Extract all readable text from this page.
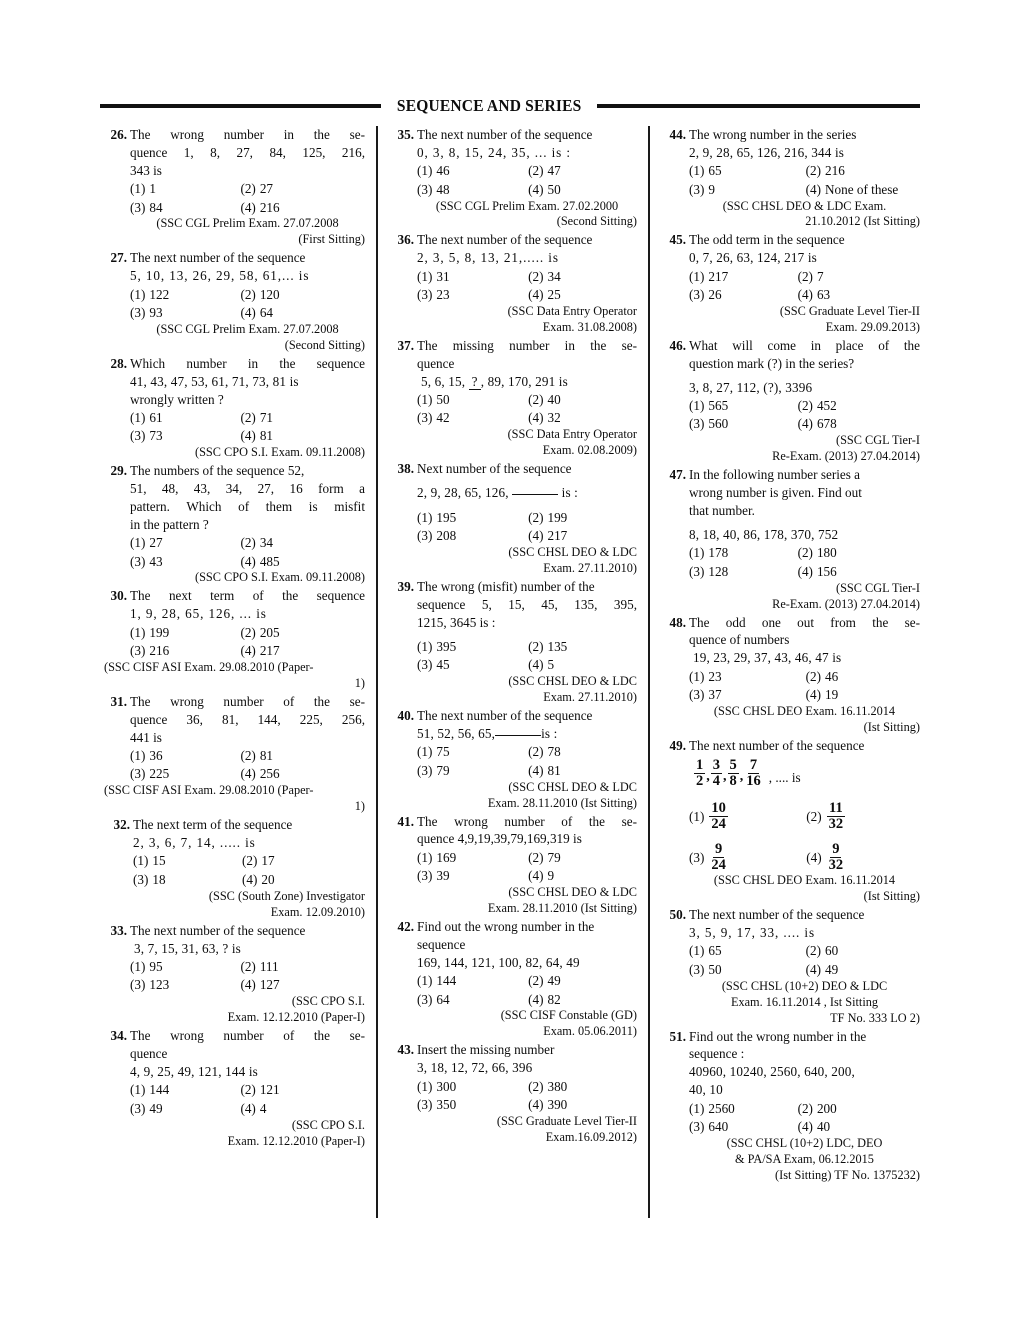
SEQUENCE AND SERIES
26. The wrong number in the se-
quence 1, 8, 27, 84, 125, 216,
343 is
(1) 1	(2) 27
(3) 84	(4) 216
(SSC CGL Prelim Exam. 27.07.2008
(First Sitting)
27. The next number of the sequence
5, 10, 13, 26, 29, 58, 61,... is
(1) 122	(2) 120
(3) 93	(4) 64
(SSC CGL Prelim Exam. 27.07.2008
(Second Sitting)
28. Which number in the sequence
41, 43, 47, 53, 61, 71, 73, 81 is
wrongly written ?
(1) 61	(2) 71
(3) 73	(4) 81
(SSC CPO S.I. Exam. 09.11.2008)
29. The numbers of the sequence 52,
51, 48, 43, 34, 27, 16 form a
pattern. Which of them is misfit
in the pattern ?
(1) 27	(2) 34
(3) 43	(4) 485
(SSC CPO S.I. Exam. 09.11.2008)
30. The next term of the sequence
1, 9, 28, 65, 126, ... is
(1) 199	(2) 205
(3) 216	(4) 217
(SSC CISF ASI Exam. 29.08.2010 (Paper-
1)
31. The wrong number of the se-
quence 36, 81, 144, 225, 256,
441 is
(1) 36	(2) 81
(3) 225	(4) 256
(SSC CISF ASI Exam. 29.08.2010 (Paper-
1)
32. The next term of the sequence
2, 3, 6, 7, 14, ..... is
(1) 15	(2) 17
(3) 18	(4) 20
(SSC (South Zone) Investigator
Exam. 12.09.2010)
33. The next number of the sequence
3, 7, 15, 31, 63, ? is
(1) 95	(2) 111
(3) 123	(4) 127
(SSC CPO S.I.
Exam. 12.12.2010 (Paper-I)
34. The wrong number of the se-
quence
4, 9, 25, 49, 121, 144 is
(1) 144	(2) 121
(3) 49	(4) 4
(SSC CPO S.I.
Exam. 12.12.2010 (Paper-I)
35. The next number of the sequence
0, 3, 8, 15, 24, 35, ... is :
(1) 46	(2) 47
(3) 48	(4) 50
(SSC CGL Prelim Exam. 27.02.2000
(Second Sitting)
36. The next number of the sequence
2, 3, 5, 8, 13, 21,..... is
(1) 31	(2) 34
(3) 23	(4) 25
(SSC Data Entry Operator
Exam. 31.08.2008)
37. The missing number in the se-
quence
5, 6, 15, ? , 89, 170, 291 is
(1) 50	(2) 40
(3) 42	(4) 32
(SSC Data Entry Operator
Exam. 02.08.2009)
38. Next number of the sequence
2, 9, 28, 65, 126,	is :
(1) 195	(2) 199
(3) 208	(4) 217
(SSC CHSL DEO & LDC
Exam. 27.11.2010)
39. The wrong (misfit) number of the
sequence 5, 15, 45, 135, 395,
1215, 3645 is :
(1) 395	(2) 135
(3) 45	(4) 5
(SSC CHSL DEO & LDC
Exam. 27.11.2010)
40. The next number of the sequence
51, 52, 56, 65,	is :
(1) 75	(2) 78
(3) 79	(4) 81
(SSC CHSL DEO & LDC
Exam. 28.11.2010 (Ist Sitting)
41. The wrong number of the se-
quence 4,9,19,39,79,169,319 is
(1) 169	(2) 79
(3) 39	(4) 9
(SSC CHSL DEO & LDC
Exam. 28.11.2010 (Ist Sitting)
42. Find out the wrong number in the
sequence
169, 144, 121, 100, 82, 64, 49
(1) 144	(2) 49
(3) 64	(4) 82
(SSC CISF Constable (GD)
Exam. 05.06.2011)
43. Insert the missing number
3, 18, 12, 72, 66, 396
(1) 300	(2) 380
(3) 350	(4) 390
(SSC Graduate Level Tier-II
Exam.16.09.2012)
44. The wrong number in the series
2, 9, 28, 65, 126, 216, 344 is
(1) 65	(2) 216
(3) 9	(4) None of these
(SSC CHSL DEO & LDC Exam.
21.10.2012 (Ist Sitting)
45. The odd term in the sequence
0, 7, 26, 63, 124, 217 is
(1) 217	(2) 7
(3) 26	(4) 63
(SSC Graduate Level Tier-II
Exam. 29.09.2013)
46. What will come in place of the
question mark (?) in the series?
3, 8, 27, 112, (?), 3396
(1) 565	(2) 452
(3) 560	(4) 678
(SSC CGL Tier-I
Re-Exam. (2013) 27.04.2014)
47. In the following number series a
wrong number is given. Find out
that number.
8, 18, 40, 86, 178, 370, 752
(1) 178	(2) 180
(3) 128	(4) 156
(SSC CGL Tier-I
Re-Exam. (2013) 27.04.2014)
48. The odd one out from the se-
quence of numbers
19, 23, 29, 37, 43, 46, 47 is
(1) 23	(2) 46
(3) 37	(4) 19
(SSC CHSL DEO Exam. 16.11.2014
(Ist Sitting)
49. The next number of the sequence
$\frac{1}{2}$ , $\frac{3}{4}$ , $\frac{5}{8}$ , $\frac{7}{16}$ , .... is
$(1) \frac{10}{24}$	$(2) \frac{11}{32}$
$(3) \frac{9}{24}$	$(4) \frac{9}{32}$
(SSC CHSL DEO Exam. 16.11.2014
(Ist Sitting)
50. The next number of the sequence
3, 5, 9, 17, 33, .... is
(1) 65	(2) 60
(3) 50	(4) 49
(SSC CHSL (10+2) DEO & LDC
Exam. 16.11.2014 , Ist Sitting
TF No. 333 LO 2)
51. Find out the wrong number in the
sequence :
40960, 10240, 2560, 640, 200,
40, 10
(1) 2560	(2) 200
(3) 640	(4) 40
(SSC CHSL (10+2) LDC, DEO
& PA/SA Exam, 06.12.2015
(Ist Sitting) TF No. 1375232)
